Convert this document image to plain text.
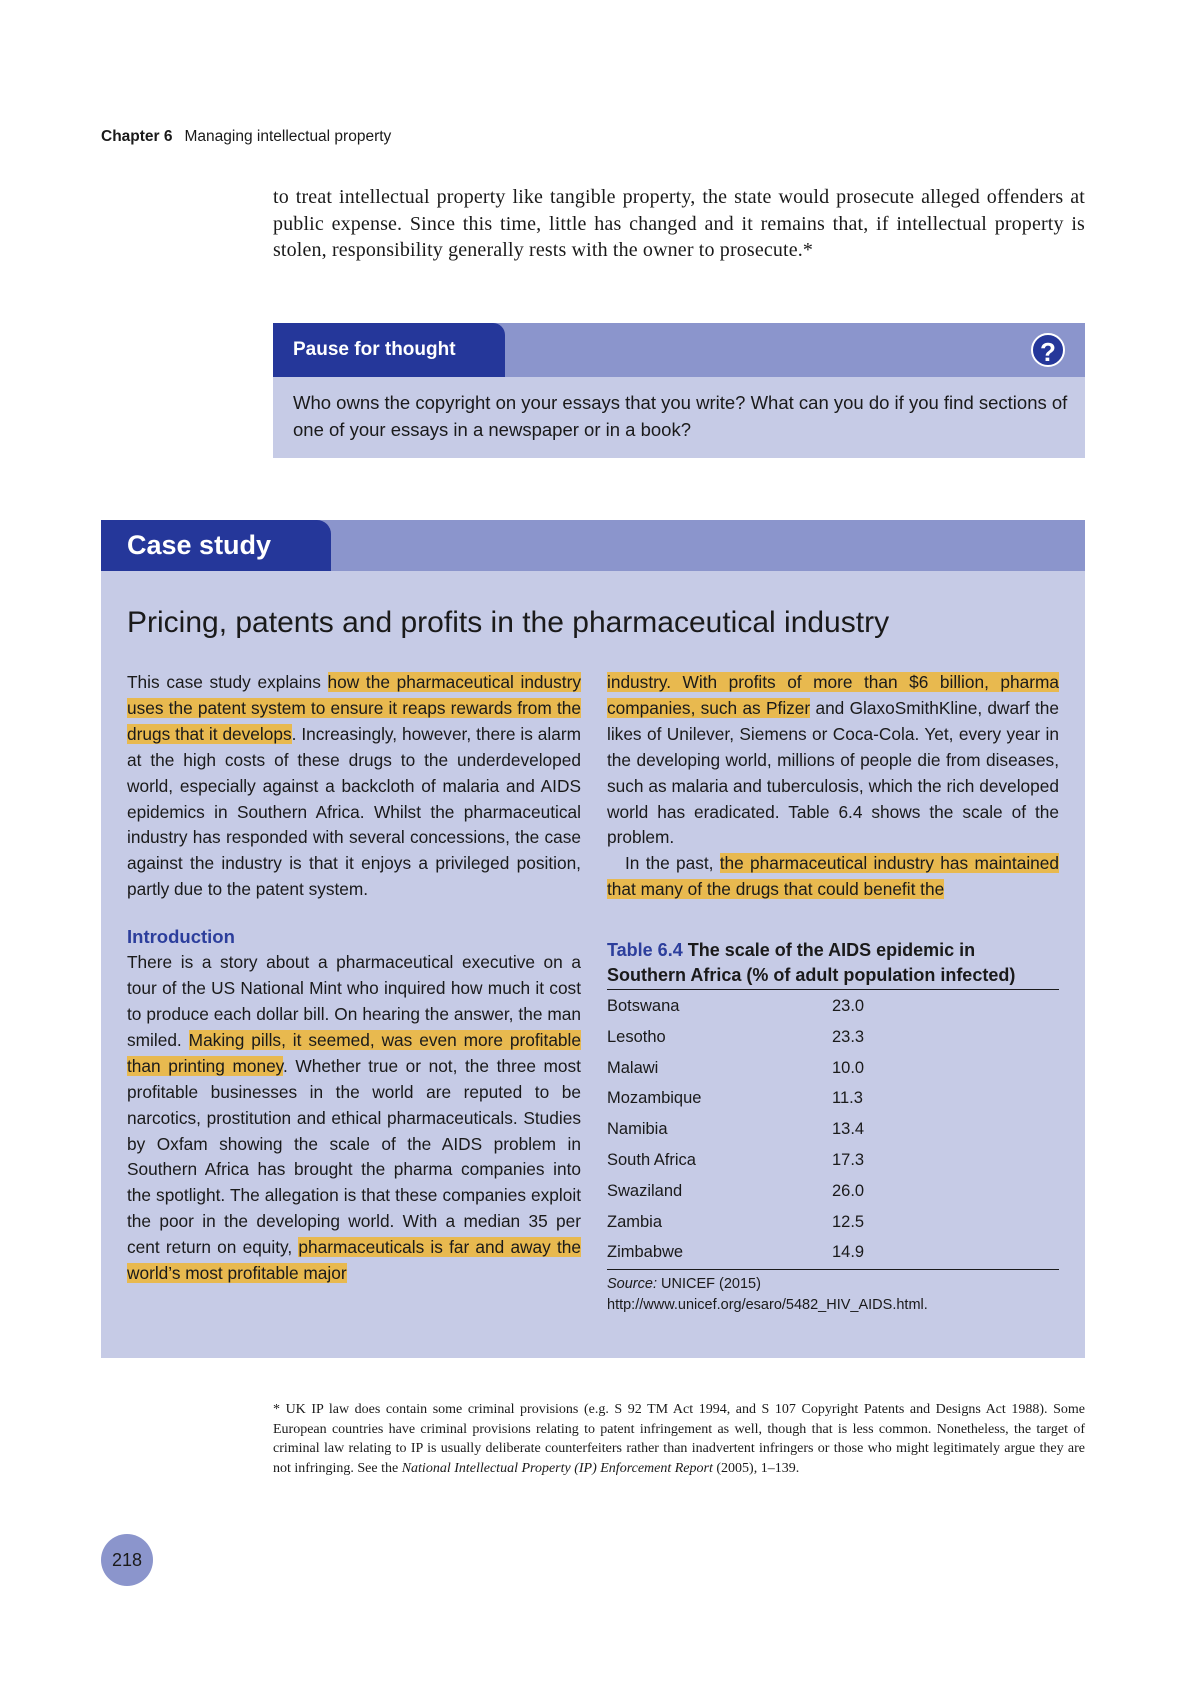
Chapter 6 Managing intellectual property
to treat intellectual property like tangible property, the state would prosecute alleged offenders at public expense. Since this time, little has changed and it remains that, if intellectual property is stolen, responsibility generally rests with the owner to prosecute.*
Pause for thought	?
Who owns the copyright on your essays that you write? What can you do if you find sections of one of your essays in a newspaper or in a book?
Case study
Pricing, patents and profits in the pharmaceutical industry

This case study explains how the pharmaceutical industry uses the patent system to ensure it reaps rewards from the drugs that it develops. Increasingly, however, there is alarm at the high costs of these drugs to the underdeveloped world, especially against a backcloth of malaria and AIDS epidemics in Southern Africa. Whilst the pharmaceutical industry has responded with several concessions, the case against the industry is that it enjoys a privileged position, partly due to the patent system.

Introduction

There is a story about a pharmaceutical executive on a tour of the US National Mint who inquired how much it cost to produce each dollar bill. On hearing the answer, the man smiled. Making pills, it seemed, was even more profitable than printing money. Whether true or not, the three most profitable businesses in the world are reputed to be narcotics, prostitution and ethical pharmaceuticals. Studies by Oxfam showing the scale of the AIDS problem in Southern Africa has brought the pharma companies into the spotlight. The allegation is that these companies exploit the poor in the developing world. With a median 35 per cent return on equity, pharmaceuticals is far and away the world’s most profitable major

industry. With profits of more than $6 billion, pharma companies, such as Pfizer and GlaxoSmithKline, dwarf the likes of Unilever, Siemens or Coca-Cola. Yet, every year in the developing world, millions of people die from diseases, such as malaria and tuberculosis, which the rich developed world has eradicated. Table 6.4 shows the scale of the problem.

In the past, the pharmaceutical industry has maintained that many of the drugs that could benefit the

Table 6.4 The scale of the AIDS epidemic in Southern Africa (% of adult population infected)
Botswana	23.0
Lesotho	23.3
Malawi	10.0
Mozambique	11.3
Namibia	13.4
South Africa	17.3
Swaziland	26.0
Zambia	12.5
Zimbabwe	14.9
Source: UNICEF (2015) http://www.unicef.org/esaro/5482_HIV_AIDS.html.
* UK IP law does contain some criminal provisions (e.g. S 92 TM Act 1994, and S 107 Copyright Patents and Designs Act 1988). Some European countries have criminal provisions relating to patent infringement as well, though that is less common. Nonetheless, the target of criminal law relating to IP is usually deliberate counterfeiters rather than inadvertent infringers or those who might legitimately argue they are not infringing. See the National Intellectual Property (IP) Enforcement Report (2005), 1–139.
218
